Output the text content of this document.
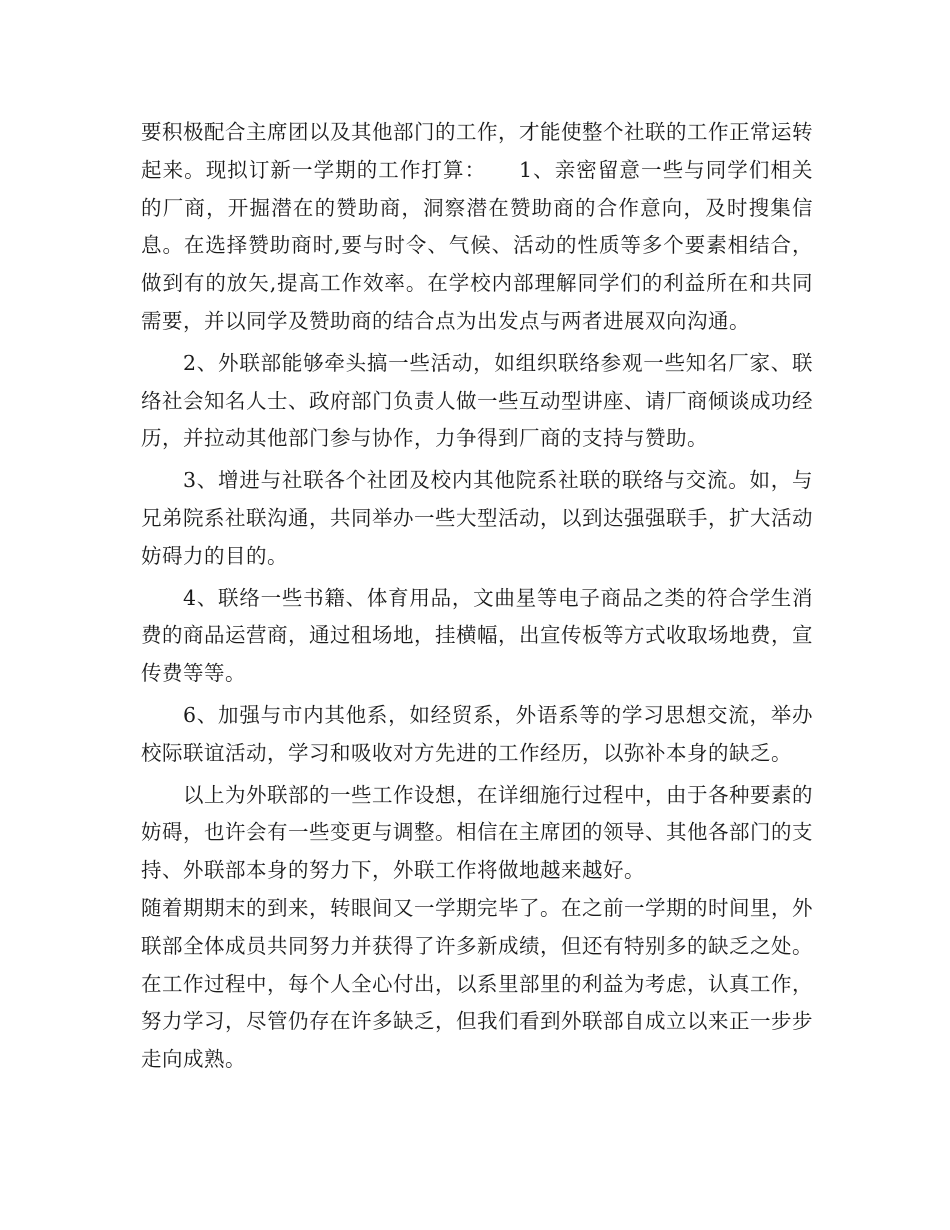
要积极配合主席团以及其他部门的工作，才能使整个社联的工作正常运转起来。现拟订新一学期的工作打算：　　1、亲密留意一些与同学们相关的厂商，开掘潜在的赞助商，洞察潜在赞助商的合作意向，及时搜集信息。在选择赞助商时,要与时令、气候、活动的性质等多个要素相结合，做到有的放矢,提高工作效率。在学校内部理解同学们的利益所在和共同需要，并以同学及赞助商的结合点为出发点与两者进展双向沟通。

2、外联部能够牵头搞一些活动，如组织联络参观一些知名厂家、联络社会知名人士、政府部门负责人做一些互动型讲座、请厂商倾谈成功经历，并拉动其他部门参与协作，力争得到厂商的支持与赞助。

3、增进与社联各个社团及校内其他院系社联的联络与交流。如，与兄弟院系社联沟通，共同举办一些大型活动，以到达强强联手，扩大活动妨碍力的目的。

4、联络一些书籍、体育用品，文曲星等电子商品之类的符合学生消费的商品运营商，通过租场地，挂横幅，出宣传板等方式收取场地费，宣传费等等。

6、加强与市内其他系，如经贸系，外语系等的学习思想交流，举办校际联谊活动，学习和吸收对方先进的工作经历，以弥补本身的缺乏。

以上为外联部的一些工作设想，在详细施行过程中，由于各种要素的妨碍，也许会有一些变更与调整。相信在主席团的领导、其他各部门的支持、外联部本身的努力下，外联工作将做地越来越好。

随着期期末的到来，转眼间又一学期完毕了。在之前一学期的时间里，外联部全体成员共同努力并获得了许多新成绩，但还有特别多的缺乏之处。在工作过程中，每个人全心付出，以系里部里的利益为考虑，认真工作，努力学习，尽管仍存在许多缺乏，但我们看到外联部自成立以来正一步步走向成熟。
